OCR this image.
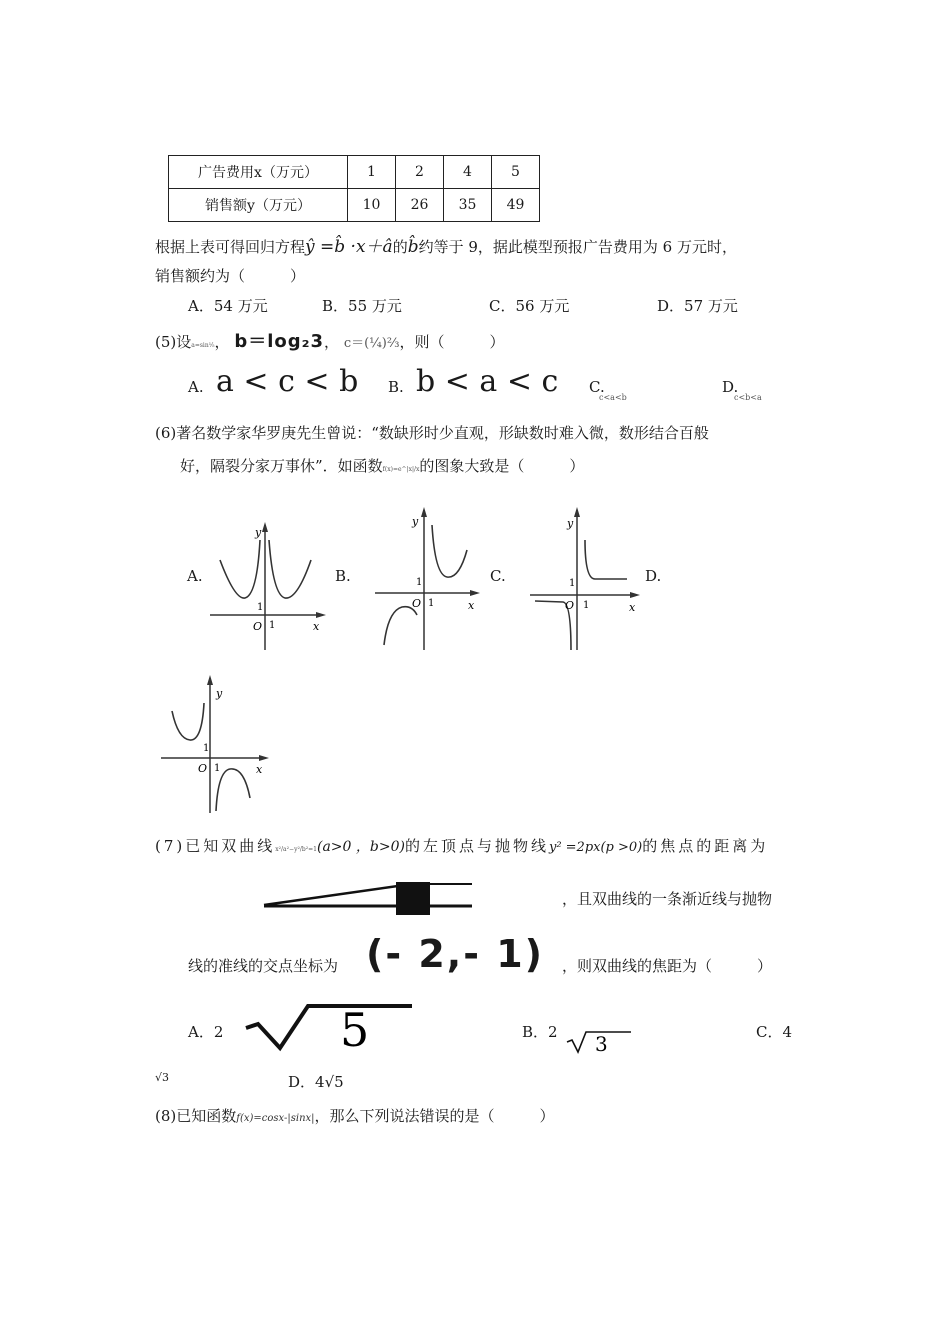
广告费用x（万元）	1	2	4	5
销售额y（万元）	10	26	35	49
根据上表可得回归方程ŷ =b̂ ·x＋â的b̂约等于 9，据此模型预报广告费用为 6 万元时，
销售额约为（　　　）
A．54 万元	B．55 万元	C．56 万元	D．57 万元
(5)设a=sin¹⁄₅， b＝log₂3， c＝(¼)⅔，则（　　　）
A. a < c < b B. b < a < c C.
c<a<b
D.
c<b<a
(6)著名数学家华罗庚先生曾说：“数缺形时少直观，形缺数时难入微，数形结合百般
好，隔裂分家万事休”．如函数f(x)=e^|x|/x的图象大致是（　　　）
A.	B.	C.	D.
y
x
O
1
1
y
x
O
1
1
y
x
O
1
1
y
x
O
1
1
(7)已知双曲线x²/a²−y²/b²=1(a>0 ，b>0)的左顶点与抛物线y² =2px(p >0)的焦点的距离为
，且双曲线的一条渐近线与抛物
线的准线的交点坐标为 (- 2,- 1) ，则双曲线的焦距为（　　　）
A．2	5	B．2 3	C．4
√3	D．4√5
(8)已知函数f(x)=cosx-|sinx|，那么下列说法错误的是（　　　）
